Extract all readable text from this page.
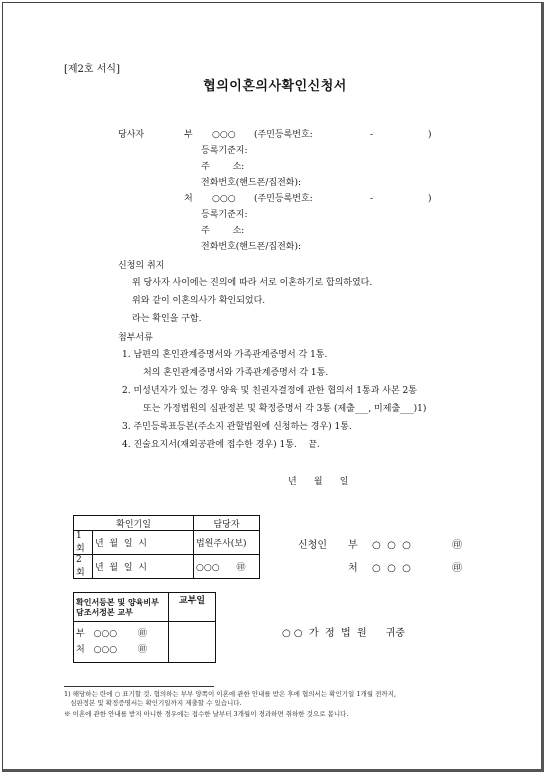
[제2호 서식]
협의이혼의사확인신청서
당사자	부 ○○○ (주민등록번호:	-	)
등록기준지:
주        소:
전화번호(핸드폰/집전화):
처 ○○○ (주민등록번호:	-	)
등록기준지:
주        소:
전화번호(핸드폰/집전화):
신청의 취지
위 당사자 사이에는 진의에 따라 서로 이혼하기로 합의하였다.
위와 같이 이혼의사가 확인되었다.
라는 확인을 구함.
첨부서류
1. 남편의 혼인관계증명서와 가족관계증명서 각 1통.
처의 혼인관계증명서와 가족관계증명서 각 1통.
2. 미성년자가 있는 경우 양육 및 친권자결정에 관한 협의서 1통과 사본 2통
또는 가정법원의 심판정본 및 확정증명서 각 3통 (제출___, 미제출___)1)
3. 주민등록표등본(주소지 관할법원에 신청하는 경우) 1통.
4. 진술요지서(재외공관에 접수한 경우) 1통.    끝.
년      월      일
확인기일		담당자
1회	년  월  일  시	법원주사(보)
2회	년  월  일  시	○○○ ㊞
신청인 부 ○  ○  ○	㊞
처 ○  ○  ○	㊞
확인서등본 및 양육비부담조서정본 교부	교부일

부 ○○○ ㊞
처 ○○○ ㊞	

○ ○  가  정  법  원      귀중
1) 해당하는 란에 ○ 표기할 것. 협의하는 부부 양쪽이 이혼에 관한 안내를 받은 후에 협의서는 확인기일 1개월 전까지,
심판정본 및 확정증명서는 확인기일까지 제출할 수 있습니다.
※ 이혼에 관한 안내를 받지 아니한 경우에는 접수한 날부터 3개월이 경과하면 취하한 것으로 봅니다.
